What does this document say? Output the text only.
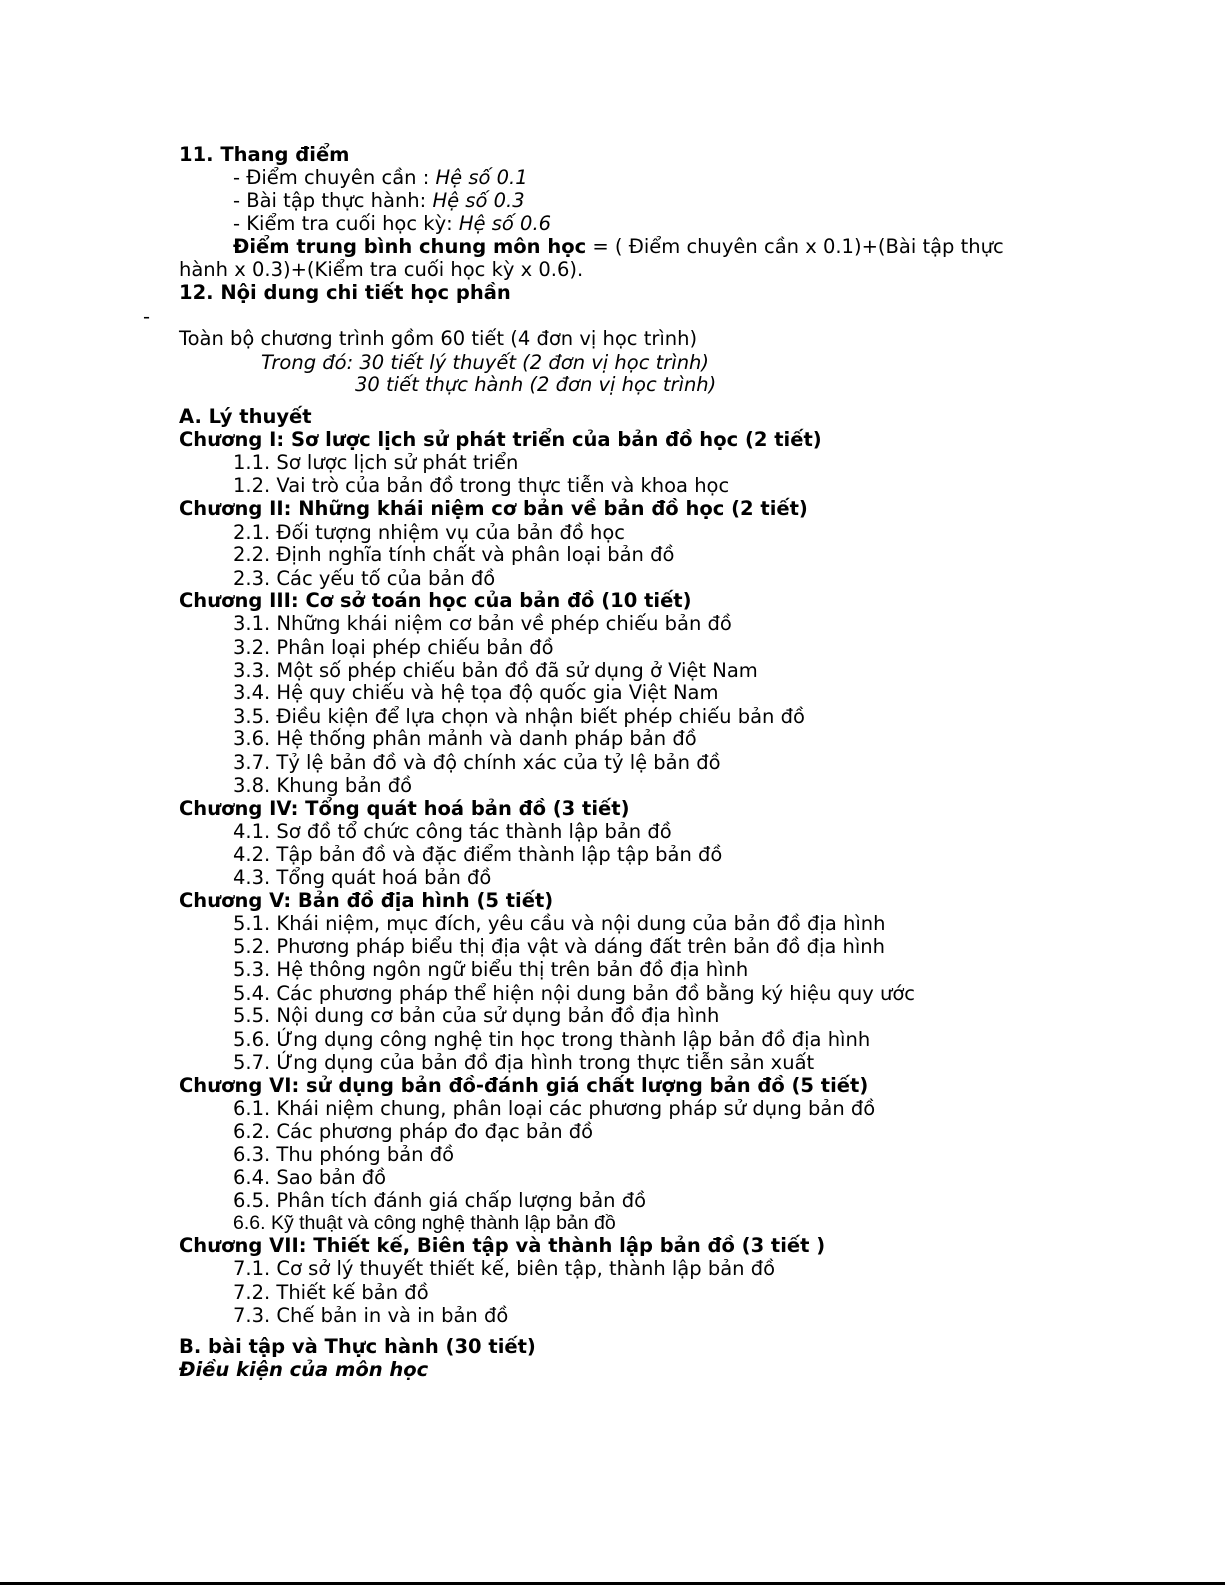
11. Thang điểm
- Điểm chuyên cần : Hệ số 0.1
- Bài tập thực hành: Hệ số 0.3
- Kiểm tra cuối học kỳ: Hệ số 0.6
Điểm trung bình chung môn học = ( Điểm chuyên cần x 0.1)+(Bài tập thực
hành x 0.3)+(Kiểm tra cuối học kỳ x 0.6).
12. Nội dung chi tiết học phần
-
Toàn bộ chương trình gồm 60 tiết (4 đơn vị học trình)
Trong đó: 30 tiết lý thuyết (2 đơn vị học trình)
30 tiết thực hành (2 đơn vị học trình)
A. Lý thuyết
Chương I: Sơ lược lịch sử phát triển của bản đồ học (2 tiết)
1.1. Sơ lược lịch sử phát triển
1.2. Vai trò của bản đồ trong thực tiễn và khoa học
Chương II: Những khái niệm cơ bản về bản đồ học (2 tiết)
2.1. Đối tượng nhiệm vụ của bản đồ học
2.2. Định nghĩa tính chất và phân loại bản đồ
2.3. Các yếu tố của bản đồ
Chương III: Cơ sở toán học của bản đồ (10 tiết)
3.1. Những khái niệm cơ bản về phép chiếu bản đồ
3.2. Phân loại phép chiếu bản đồ
3.3. Một số phép chiếu bản đồ đã sử dụng ở Việt Nam
3.4. Hệ quy chiếu và hệ tọa độ quốc gia Việt Nam
3.5. Điều kiện để lựa chọn và nhận biết phép chiếu bản đồ
3.6. Hệ thống phân mảnh và danh pháp bản đồ
3.7. Tỷ lệ bản đồ và độ chính xác của tỷ lệ bản đồ
3.8. Khung bản đồ
Chương IV: Tổng quát hoá bản đồ (3 tiết)
4.1. Sơ đồ tổ chức công tác thành lập bản đồ
4.2. Tập bản đồ và đặc điểm thành lập tập bản đồ
4.3. Tổng quát hoá bản đồ
Chương V: Bản đồ địa hình (5 tiết)
5.1. Khái niệm, mục đích, yêu cầu và nội dung của bản đồ địa hình
5.2. Phương pháp biểu thị địa vật và dáng đất trên bản đồ địa hình
5.3. Hệ thông ngôn ngữ biểu thị trên bản đồ địa hình
5.4. Các phương pháp thể hiện nội dung bản đồ bằng ký hiệu quy ước
5.5. Nội dung cơ bản của sử dụng bản đồ địa hình
5.6. Ứng dụng công nghệ tin học trong thành lập bản đồ địa hình
5.7. Ứng dụng của bản đồ địa hình trong thực tiễn sản xuất
Chương VI: sử dụng bản đồ-đánh giá chất lượng bản đồ (5 tiết)
6.1. Khái niệm chung, phân loại các phương pháp sử dụng bản đồ
6.2. Các phương pháp đo đạc bản đồ
6.3. Thu phóng bản đồ
6.4. Sao bản đồ
6.5. Phân tích đánh giá chấp lượng bản đồ
6.6. Kỹ thuật và công nghệ thành lập bản đồ
Chương VII: Thiết kế, Biên tập và thành lập bản đồ (3 tiết )
7.1. Cơ sở lý thuyết thiết kế, biên tập, thành lập bản đồ
7.2. Thiết kế bản đồ
7.3. Chế bản in và in bản đồ
B. bài tập và Thực hành (30 tiết)
Điều kiện của môn học
